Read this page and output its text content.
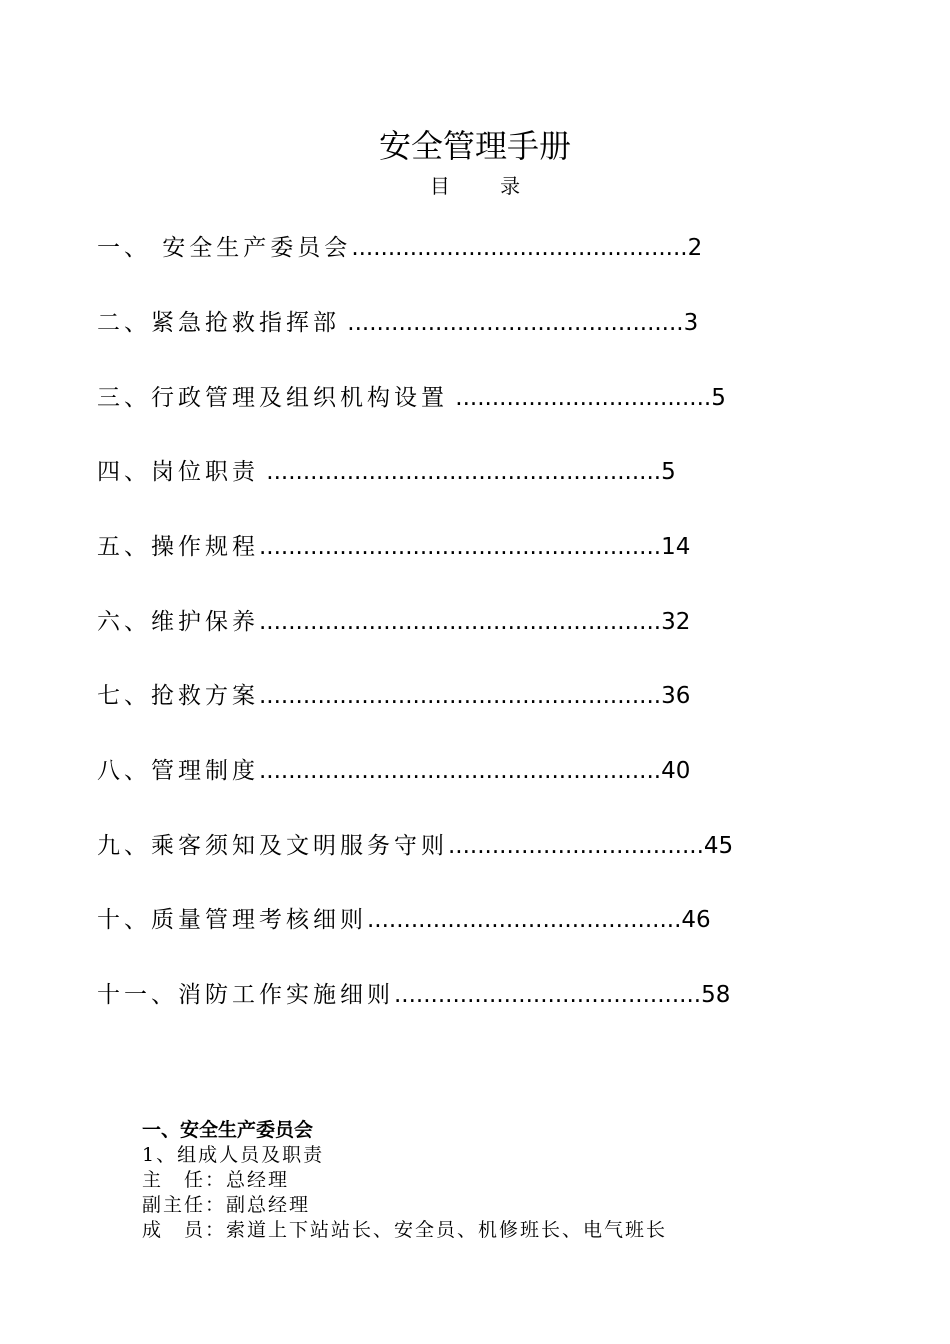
安全管理手册
目 录
一、 安全生产委员会..............................................2
二、紧急抢救指挥部 ..............................................3
三、行政管理及组织机构设置 ...................................5
四、岗位职责 ......................................................5
五、操作规程.......................................................14
六、维护保养.......................................................32
七、抢救方案.......................................................36
八、管理制度.......................................................40
九、乘客须知及文明服务守则...................................45
十、质量管理考核细则...........................................46
十一、消防工作实施细则..........................................58
一、安全生产委员会
1、组成人员及职责
主　任：总经理
副主任：副总经理
成　员：索道上下站站长、安全员、机修班长、电气班长
